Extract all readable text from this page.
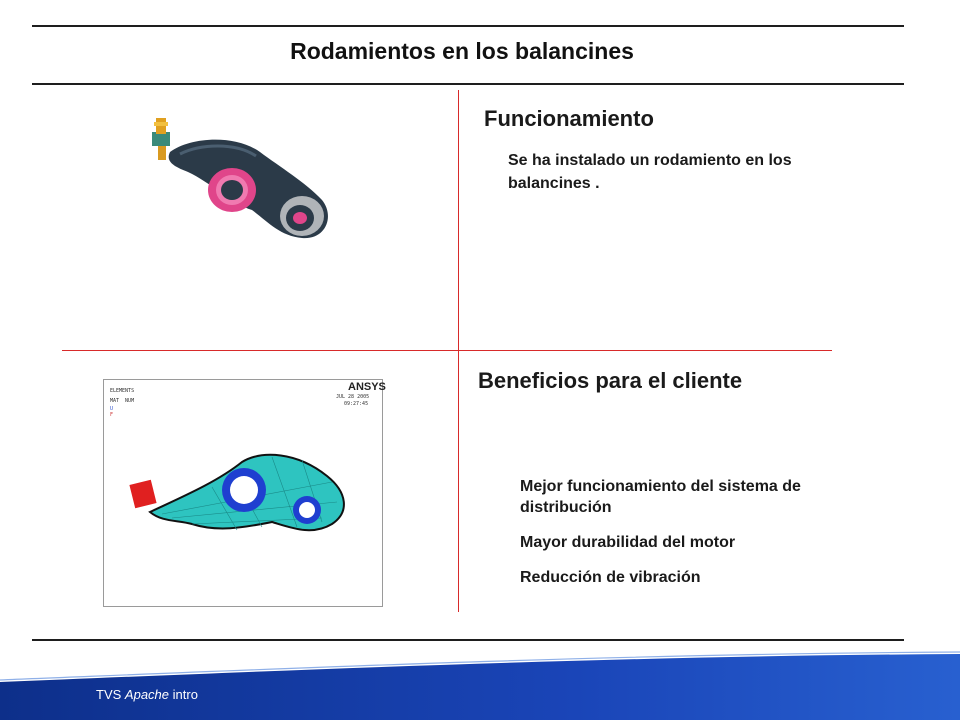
Rodamientos en los balancines
Funcionamiento
Se ha instalado un rodamiento en los balancines .
ELEMENTS
MAT  NUM
U
F
ANSYS
JUL 28 2005
09:27:45
Beneficios para el cliente
Mejor funcionamiento del sistema de distribución
Mayor durabilidad del motor
Reducción de vibración
TVS Apache intro
